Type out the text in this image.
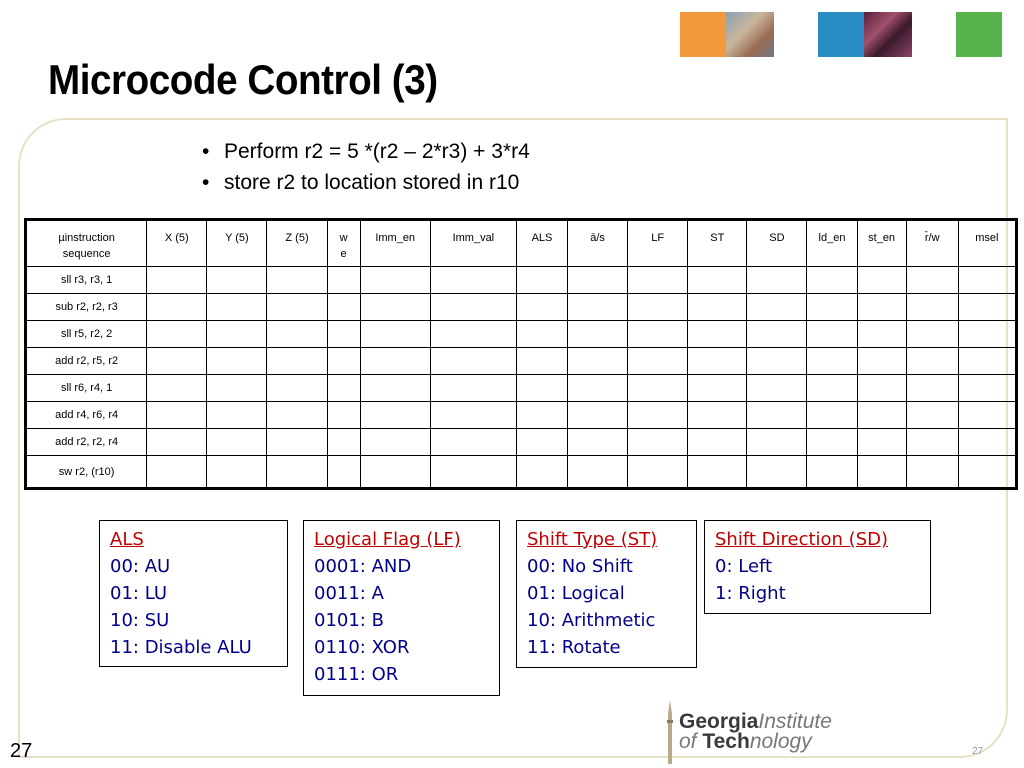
Microcode Control (3)
• Perform r2 = 5 *(r2 – 2*r3) + 3*r4
• store r2 to location stored in r10
µinstruction sequence	X (5)	Y (5)	Z (5)	w e	Imm_en	Imm_val	ALS	ā/s	LF	ST	SD	ld_en	st_en	r̄/w	msel
sll r3, r3, 1															
sub r2, r2, r3															
sll r5, r2, 2															
add r2, r5, r2															
sll r6, r4, 1															
add r4, r6, r4															
add r2, r2, r4															
sw r2, (r10)															
ALS
00: AU
01: LU
10: SU
11: Disable ALU
Logical Flag (LF)
0001: AND
0011: A
0101: B
0110: XOR
0111: OR
Shift Type (ST)
00: No Shift
01: Logical
10: Arithmetic
11: Rotate
Shift Direction (SD)
0: Left
1: Right
GeorgiaInstitute
of Technology
27	27
